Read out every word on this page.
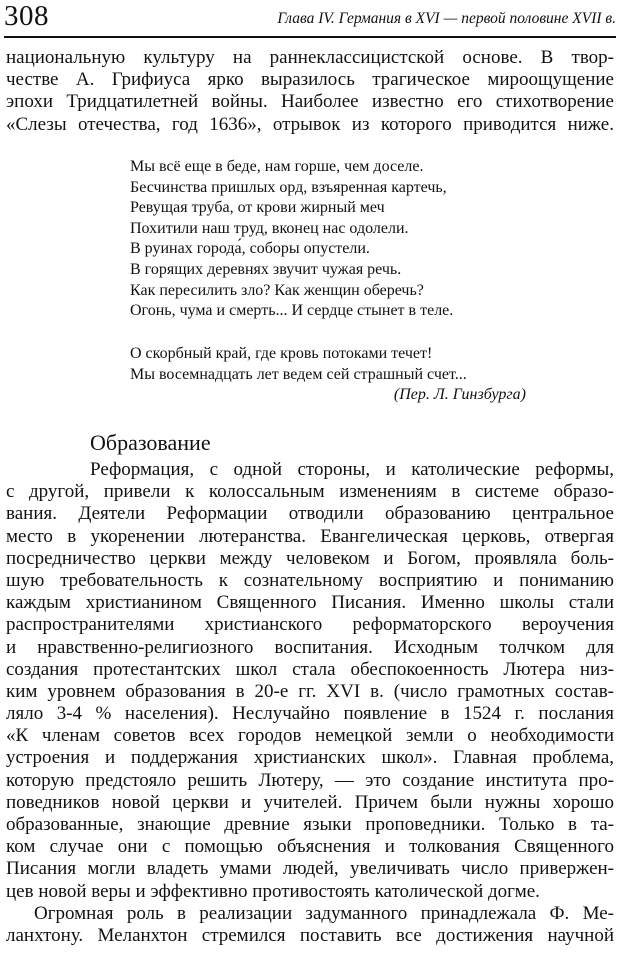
308	Глава IV. Германия в XVI — первой половине XVII в.
национальную культуру на раннеклассицистской основе. В твор-
честве А. Грифиуса ярко выразилось трагическое мироощущение
эпохи Тридцатилетней войны. Наиболее известно его стихотворение
«Слезы отечества, год 1636», отрывок из которого приводится ниже.
Мы всё еще в беде, нам горше, чем доселе.
Бесчинства пришлых орд, взъяренная картечь,
Ревущая труба, от крови жирный меч
Похитили наш труд, вконец нас одолели.
В руинах города́, соборы опустели.
В горящих деревнях звучит чужая речь.
Как пересилить зло? Как женщин оберечь?
Огонь, чума и смерть... И сердце стынет в теле.
О скорбный край, где кровь потоками течет!
Мы восемнадцать лет ведем сей страшный счет...
(Пер. Л. Гинзбурга)
Образование
Реформация, с одной стороны, и католические реформы,
с другой, привели к колоссальным изменениям в системе образо-
вания. Деятели Реформации отводили образованию центральное
место в укоренении лютеранства. Евангелическая церковь, отвергая
посредничество церкви между человеком и Богом, проявляла боль-
шую требовательность к сознательному восприятию и пониманию
каждым христианином Священного Писания. Именно школы стали
распространителями христианского реформаторского вероучения
и нравственно-религиозного воспитания. Исходным толчком для
создания протестантских школ стала обеспокоенность Лютера низ-
ким уровнем образования в 20-е гг. XVI в. (число грамотных состав-
ляло 3-4 % населения). Неслучайно появление в 1524 г. послания
«К членам советов всех городов немецкой земли о необходимости
устроения и поддержания христианских школ». Главная проблема,
которую предстояло решить Лютеру, — это создание института про-
поведников новой церкви и учителей. Причем были нужны хорошо
образованные, знающие древние языки проповедники. Только в та-
ком случае они с помощью объяснения и толкования Священного
Писания могли владеть умами людей, увеличивать число привержен-
цев новой веры и эффективно противостоять католической догме.
Огромная роль в реализации задуманного принадлежала Ф. Ме-
ланхтону. Меланхтон стремился поставить все достижения научной
